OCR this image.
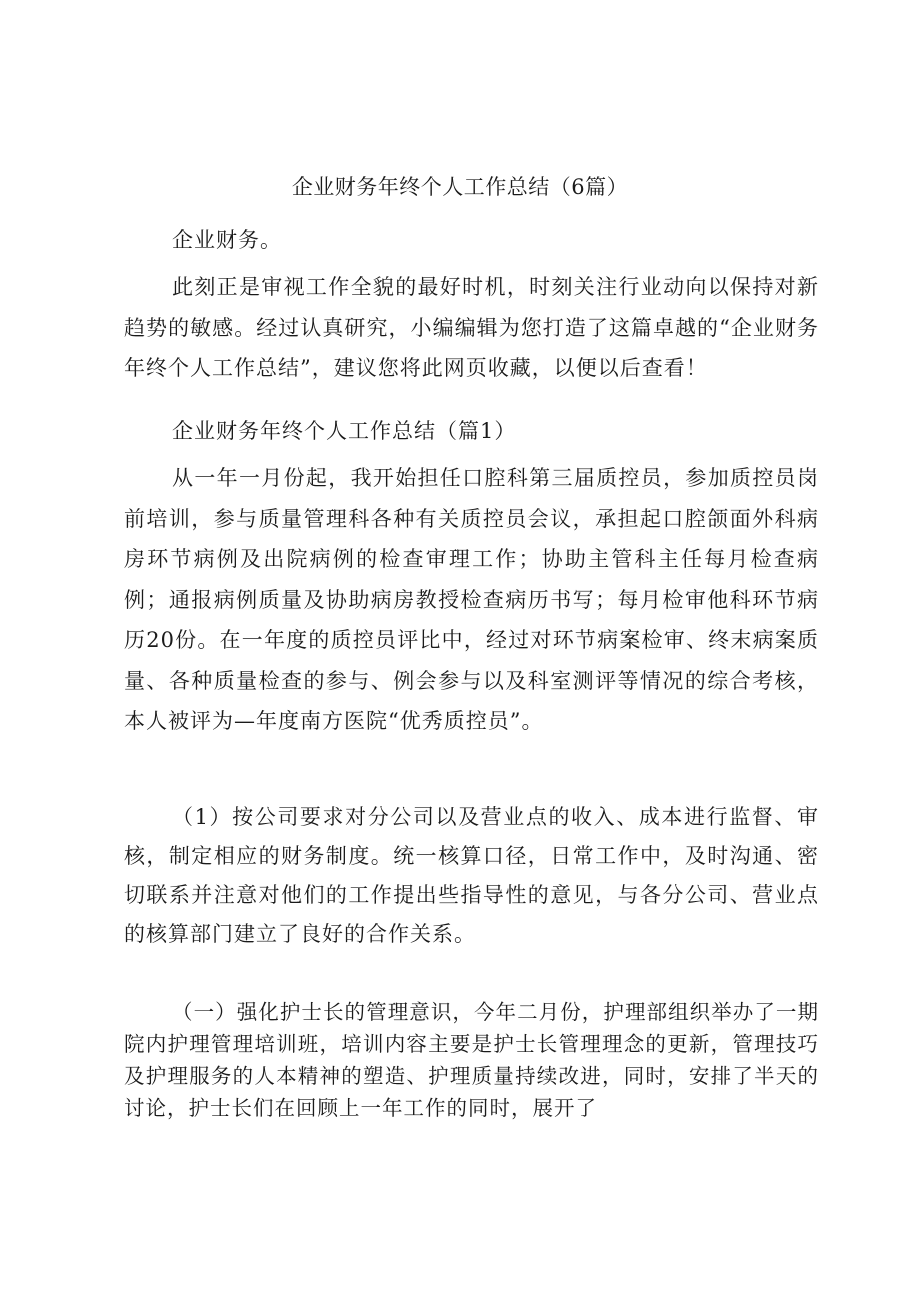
企业财务年终个人工作总结（6篇）

企业财务。

此刻正是审视工作全貌的最好时机，时刻关注行业动向以保持对新趋势的敏感。经过认真研究，小编编辑为您打造了这篇卓越的“企业财务年终个人工作总结”，建议您将此网页收藏，以便以后查看！

企业财务年终个人工作总结（篇1）

从一年一月份起，我开始担任口腔科第三届质控员，参加质控员岗前培训，参与质量管理科各种有关质控员会议，承担起口腔颌面外科病房环节病例及出院病例的检查审理工作；协助主管科主任每月检查病例；通报病例质量及协助病房教授检查病历书写；每月检审他科环节病历20份。在一年度的质控员评比中，经过对环节病案检审、终末病案质量、各种质量检查的参与、例会参与以及科室测评等情况的综合考核，本人被评为—年度南方医院“优秀质控员”。

（1）按公司要求对分公司以及营业点的收入、成本进行监督、审核，制定相应的财务制度。统一核算口径，日常工作中，及时沟通、密切联系并注意对他们的工作提出些指导性的意见，与各分公司、营业点的核算部门建立了良好的合作关系。

（一）强化护士长的管理意识，今年二月份，护理部组织举办了一期院内护理管理培训班，培训内容主要是护士长管理理念的更新，管理技巧及护理服务的人本精神的塑造、护理质量持续改进，同时，安排了半天的讨论，护士长们在回顾上一年工作的同时，展开了
